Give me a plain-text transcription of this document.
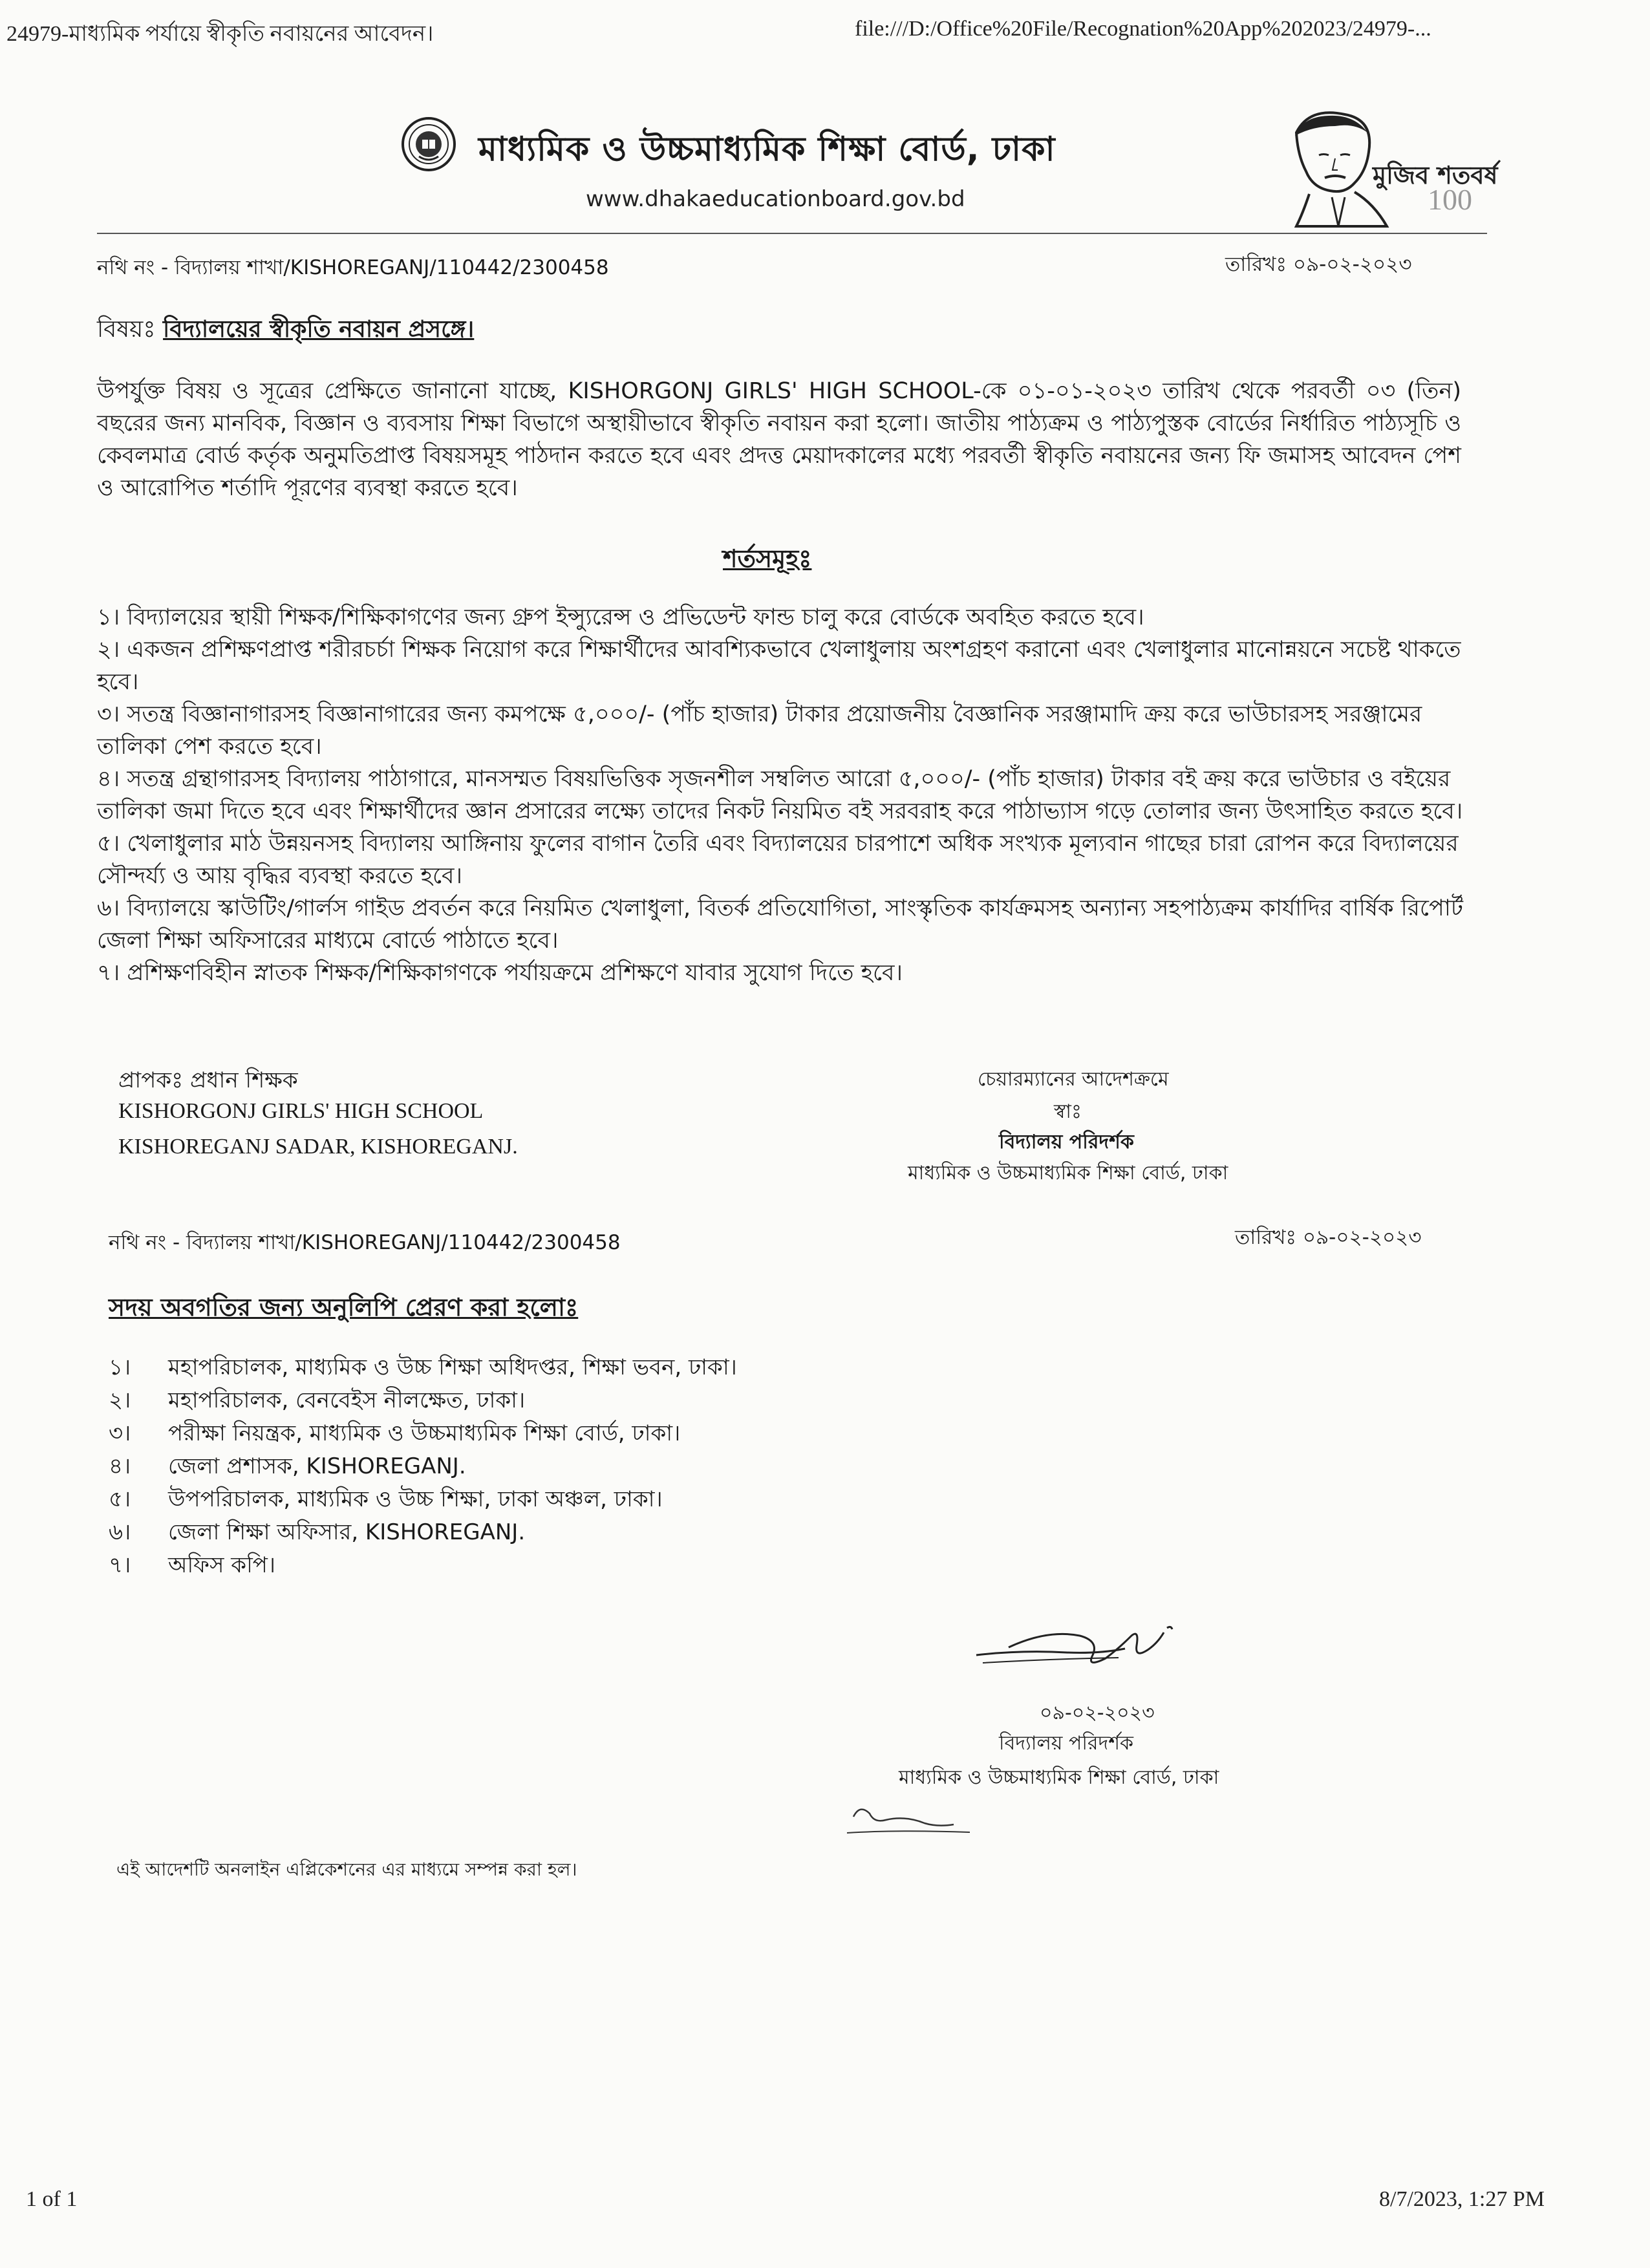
24979-মাধ্যমিক পর্যায়ে স্বীকৃতি নবায়নের আবেদন।	file:///D:/Office%20File/Recognation%20App%202023/24979-...
মাধ্যমিক ও উচ্চমাধ্যমিক শিক্ষা বোর্ড, ঢাকা
www.dhakaeducationboard.gov.bd
মুজিব শতবর্ষ
100
নথি নং - বিদ্যালয় শাখা/KISHOREGANJ/110442/2300458	তারিখঃ ০৯-০২-২০২৩
বিষয়ঃ বিদ্যালয়ের স্বীকৃতি নবায়ন প্রসঙ্গে।
উপর্যুক্ত বিষয় ও সূত্রের প্রেক্ষিতে জানানো যাচ্ছে, KISHORGONJ GIRLS' HIGH SCHOOL-কে ০১-০১-২০২৩ তারিখ থেকে পরবর্তী ০৩ (তিন) বছরের জন্য মানবিক, বিজ্ঞান ও ব্যবসায় শিক্ষা বিভাগে অস্থায়ীভাবে স্বীকৃতি নবায়ন করা হলো। জাতীয় পাঠ্যক্রম ও পাঠ্যপুস্তক বোর্ডের নির্ধারিত পাঠ্যসূচি ও কেবলমাত্র বোর্ড কর্তৃক অনুমতিপ্রাপ্ত বিষয়সমূহ পাঠদান করতে হবে এবং প্রদত্ত মেয়াদকালের মধ্যে পরবর্তী স্বীকৃতি নবায়নের জন্য ফি জমাসহ আবেদন পেশ ও আরোপিত শর্তাদি পূরণের ব্যবস্থা করতে হবে।
শর্তসমূহঃ

১। বিদ্যালয়ের স্থায়ী শিক্ষক/শিক্ষিকাগণের জন্য গ্রুপ ইন্স্যুরেন্স ও প্রভিডেন্ট ফান্ড চালু করে বোর্ডকে অবহিত করতে হবে।

২। একজন প্রশিক্ষণপ্রাপ্ত শরীরচর্চা শিক্ষক নিয়োগ করে শিক্ষার্থীদের আবশ্যিকভাবে খেলাধুলায় অংশগ্রহণ করানো এবং খেলাধুলার মানোন্নয়নে সচেষ্ট থাকতে হবে।

৩। সতন্ত্র বিজ্ঞানাগারসহ বিজ্ঞানাগারের জন্য কমপক্ষে ৫,০০০/- (পাঁচ হাজার) টাকার প্রয়োজনীয় বৈজ্ঞানিক সরঞ্জামাদি ক্রয় করে ভাউচারসহ সরঞ্জামের তালিকা পেশ করতে হবে।

৪। সতন্ত্র গ্রন্থাগারসহ বিদ্যালয় পাঠাগারে, মানসম্মত বিষয়ভিত্তিক সৃজনশীল সম্বলিত আরো ৫,০০০/- (পাঁচ হাজার) টাকার বই ক্রয় করে ভাউচার ও বইয়ের তালিকা জমা দিতে হবে এবং শিক্ষার্থীদের জ্ঞান প্রসারের লক্ষ্যে তাদের নিকট নিয়মিত বই সরবরাহ করে পাঠাভ্যাস গড়ে তোলার জন্য উৎসাহিত করতে হবে।

৫। খেলাধুলার মাঠ উন্নয়নসহ বিদ্যালয় আঙ্গিনায় ফুলের বাগান তৈরি এবং বিদ্যালয়ের চারপাশে অধিক সংখ্যক মূল্যবান গাছের চারা রোপন করে বিদ্যালয়ের সৌন্দর্য্য ও আয় বৃদ্ধির ব্যবস্থা করতে হবে।

৬। বিদ্যালয়ে স্কাউটিং/গার্লস গাইড প্রবর্তন করে নিয়মিত খেলাধুলা, বিতর্ক প্রতিযোগিতা, সাংস্কৃতিক কার্যক্রমসহ অন্যান্য সহপাঠ্যক্রম কার্যাদির বার্ষিক রিপোর্ট জেলা শিক্ষা অফিসারের মাধ্যমে বোর্ডে পাঠাতে হবে।

৭। প্রশিক্ষণবিহীন স্নাতক শিক্ষক/শিক্ষিকাগণকে পর্যায়ক্রমে প্রশিক্ষণে যাবার সুযোগ দিতে হবে।

প্রাপকঃ প্রধান শিক্ষক
KISHORGONJ GIRLS' HIGH SCHOOL
KISHOREGANJ SADAR, KISHOREGANJ.
চেয়ারম্যানের আদেশক্রমে
স্বাঃ
বিদ্যালয় পরিদর্শক
মাধ্যমিক ও উচ্চমাধ্যমিক শিক্ষা বোর্ড, ঢাকা
নথি নং - বিদ্যালয় শাখা/KISHOREGANJ/110442/2300458	তারিখঃ ০৯-০২-২০২৩
সদয় অবগতির জন্য অনুলিপি প্রেরণ করা হলোঃ
১। মহাপরিচালক, মাধ্যমিক ও উচ্চ শিক্ষা অধিদপ্তর, শিক্ষা ভবন, ঢাকা।
২। মহাপরিচালক, বেনবেইস নীলক্ষেত, ঢাকা।
৩। পরীক্ষা নিয়ন্ত্রক, মাধ্যমিক ও উচ্চমাধ্যমিক শিক্ষা বোর্ড, ঢাকা।
৪। জেলা প্রশাসক, KISHOREGANJ.
৫। উপপরিচালক, মাধ্যমিক ও উচ্চ শিক্ষা, ঢাকা অঞ্চল, ঢাকা।
৬। জেলা শিক্ষা অফিসার, KISHOREGANJ.
৭। অফিস কপি।
০৯-০২-২০২৩
বিদ্যালয় পরিদর্শক
মাধ্যমিক ও উচ্চমাধ্যমিক শিক্ষা বোর্ড, ঢাকা
এই আদেশটি অনলাইন এপ্লিকেশনের এর মাধ্যমে সম্পন্ন করা হল।
1 of 1	8/7/2023, 1:27 PM
